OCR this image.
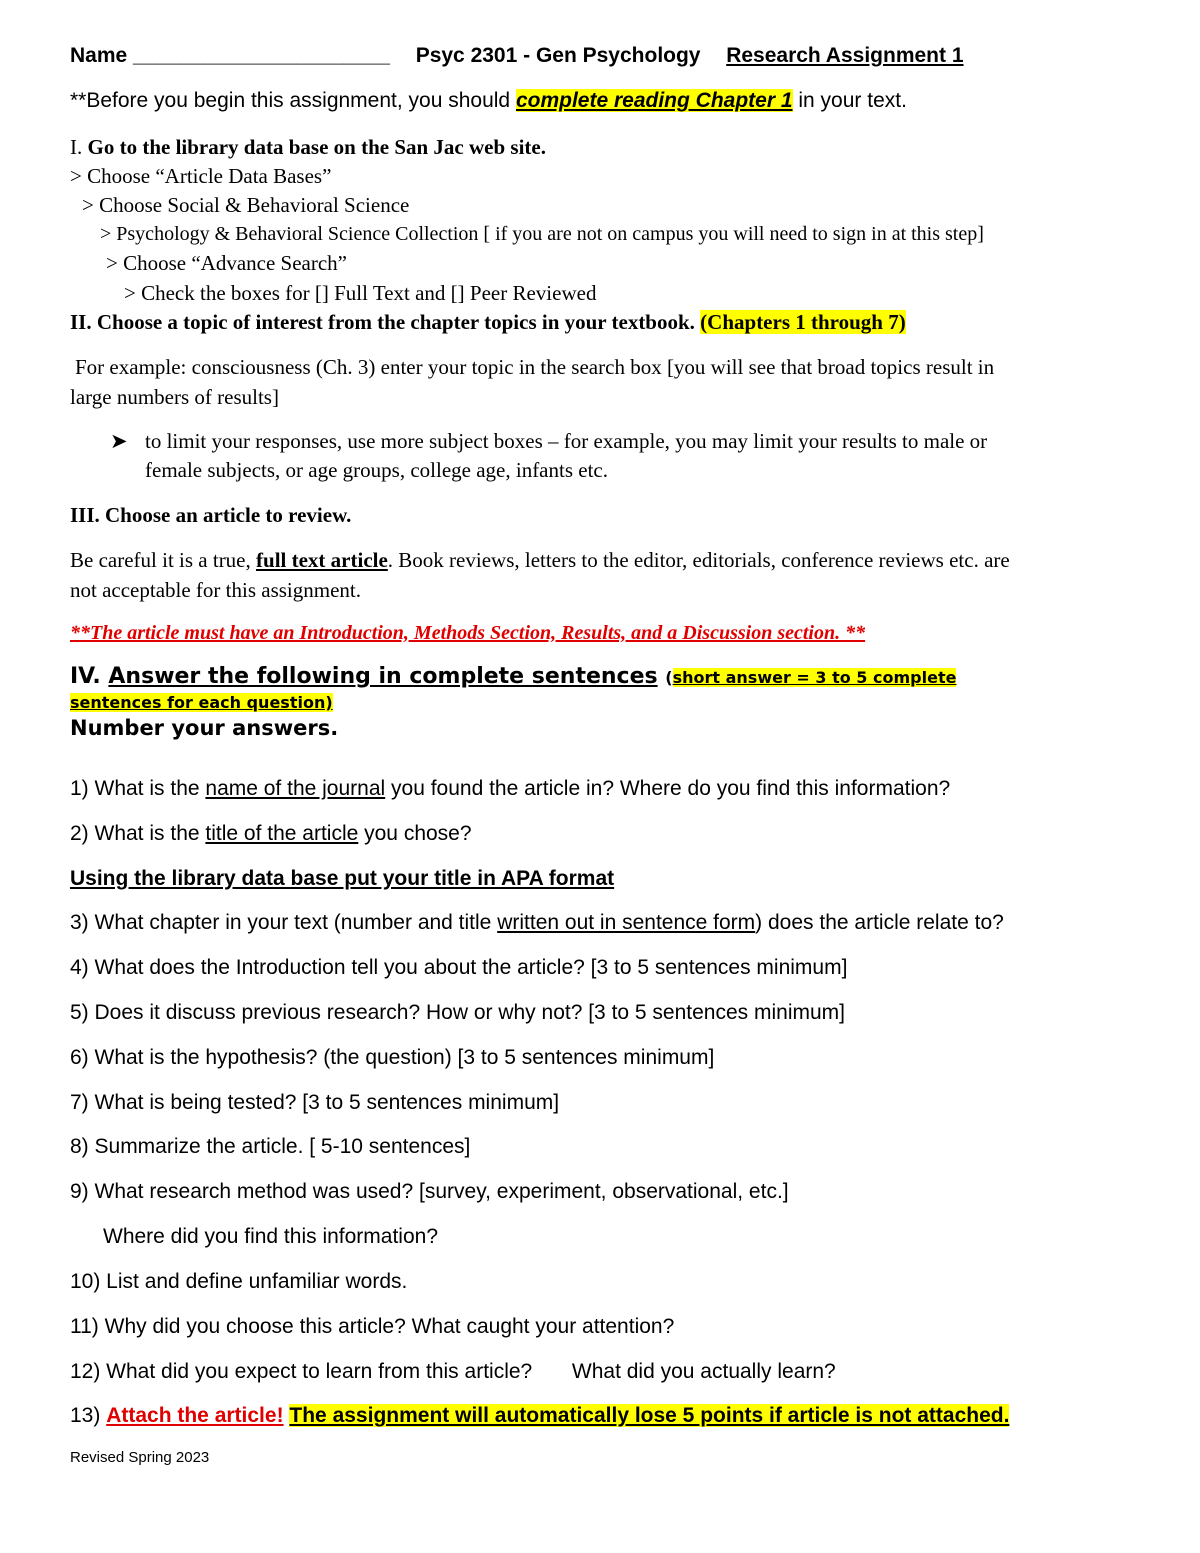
Name ______________________ Psyc 2301 - Gen Psychology Research Assignment 1
**Before you begin this assignment, you should complete reading Chapter 1 in your text.
I. Go to the library data base on the San Jac web site.
> Choose “Article Data Bases”
> Choose Social & Behavioral Science
> Psychology & Behavioral Science Collection [ if you are not on campus you will need to sign in at this step]
> Choose “Advance Search”
> Check the boxes for [] Full Text and [] Peer Reviewed
II. Choose a topic of interest from the chapter topics in your textbook. (Chapters 1 through 7)
For example: consciousness (Ch. 3) enter your topic in the search box [you will see that broad topics result in
large numbers of results]
➤ to limit your responses, use more subject boxes – for example, you may limit your results to male or
female subjects, or age groups, college age, infants etc.
III. Choose an article to review.
Be careful it is a true, full text article. Book reviews, letters to the editor, editorials, conference reviews etc. are
not acceptable for this assignment.
**The article must have an Introduction, Methods Section, Results, and a Discussion section. **
IV. Answer the following in complete sentences (short answer = 3 to 5 complete
sentences for each question)
Number your answers.
1) What is the name of the journal you found the article in? Where do you find this information?
2) What is the title of the article you chose?
Using the library data base put your title in APA format
3) What chapter in your text (number and title written out in sentence form) does the article relate to?
4) What does the Introduction tell you about the article? [3 to 5 sentences minimum]
5) Does it discuss previous research? How or why not? [3 to 5 sentences minimum]
6) What is the hypothesis? (the question) [3 to 5 sentences minimum]
7) What is being tested? [3 to 5 sentences minimum]
8) Summarize the article. [ 5-10 sentences]
9) What research method was used? [survey, experiment, observational, etc.]
Where did you find this information?
10) List and define unfamiliar words.
11) Why did you choose this article? What caught your attention?
12) What did you expect to learn from this article? What did you actually learn?
13) Attach the article! The assignment will automatically lose 5 points if article is not attached.
Revised Spring 2023
